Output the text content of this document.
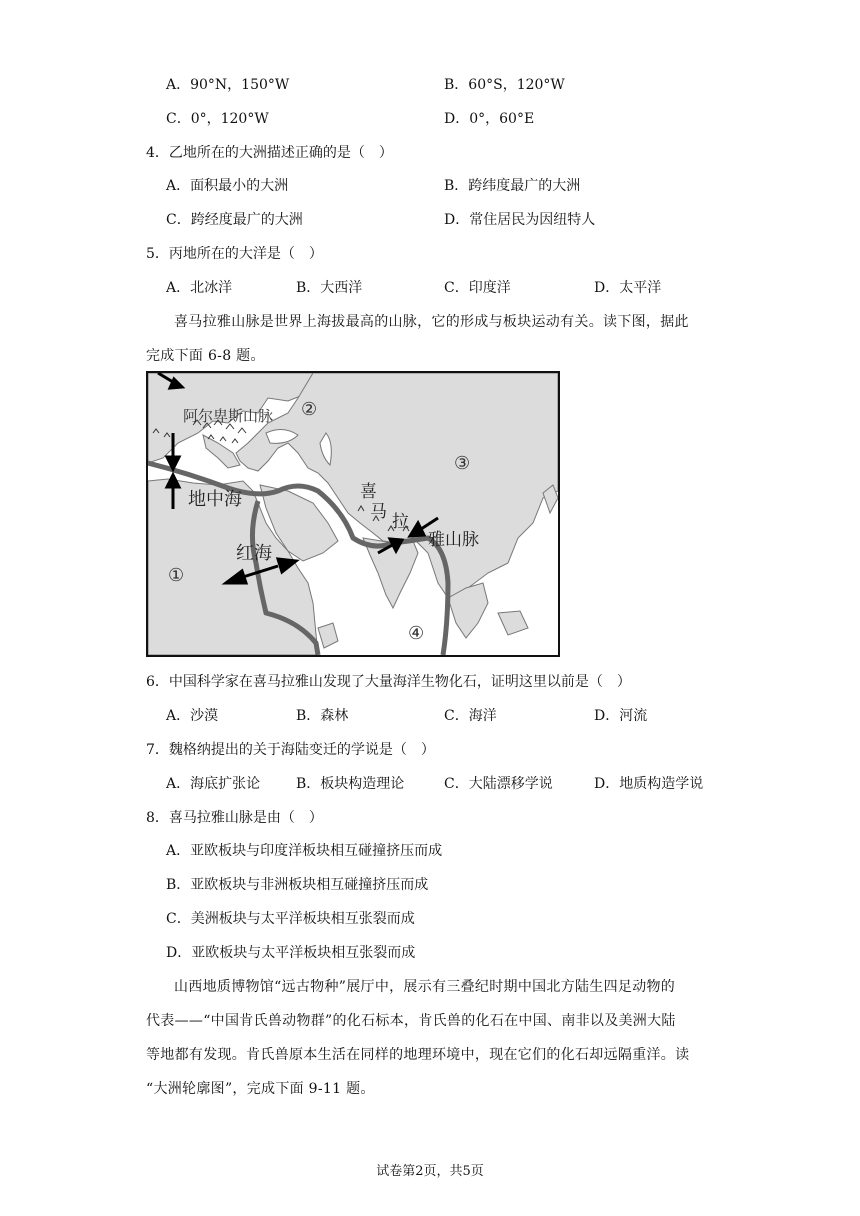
A．90°N，150°W	B．60°S，120°W
C．0°，120°W	D．0°，60°E
4．乙地所在的大洲描述正确的是（　）
A．面积最小的大洲	B．跨纬度最广的大洲
C．跨经度最广的大洲	D．常住居民为因纽特人
5．丙地所在的大洋是（　）
A．北冰洋	B．大西洋	C．印度洋	D．太平洋
喜马拉雅山脉是世界上海拔最高的山脉，它的形成与板块运动有关。读下图，据此
完成下面 6-8 题。
阿尔卑斯山脉
地中海
红海
喜
马 拉
雅山脉
①
②
③
④
6．中国科学家在喜马拉雅山发现了大量海洋生物化石，证明这里以前是（　）
A．沙漠	B．森林	C．海洋	D．河流
7．魏格纳提出的关于海陆变迁的学说是（　）
A．海底扩张论	B．板块构造理论	C．大陆漂移学说	D．地质构造学说
8．喜马拉雅山脉是由（　）
A．亚欧板块与印度洋板块相互碰撞挤压而成
B．亚欧板块与非洲板块相互碰撞挤压而成
C．美洲板块与太平洋板块相互张裂而成
D．亚欧板块与太平洋板块相互张裂而成
山西地质博物馆“远古物种”展厅中，展示有三叠纪时期中国北方陆生四足动物的
代表——“中国肯氏兽动物群”的化石标本，肯氏兽的化石在中国、南非以及美洲大陆
等地都有发现。肯氏兽原本生活在同样的地理环境中，现在它们的化石却远隔重洋。读
“大洲轮廓图”，完成下面 9-11 题。
试卷第2页，共5页
